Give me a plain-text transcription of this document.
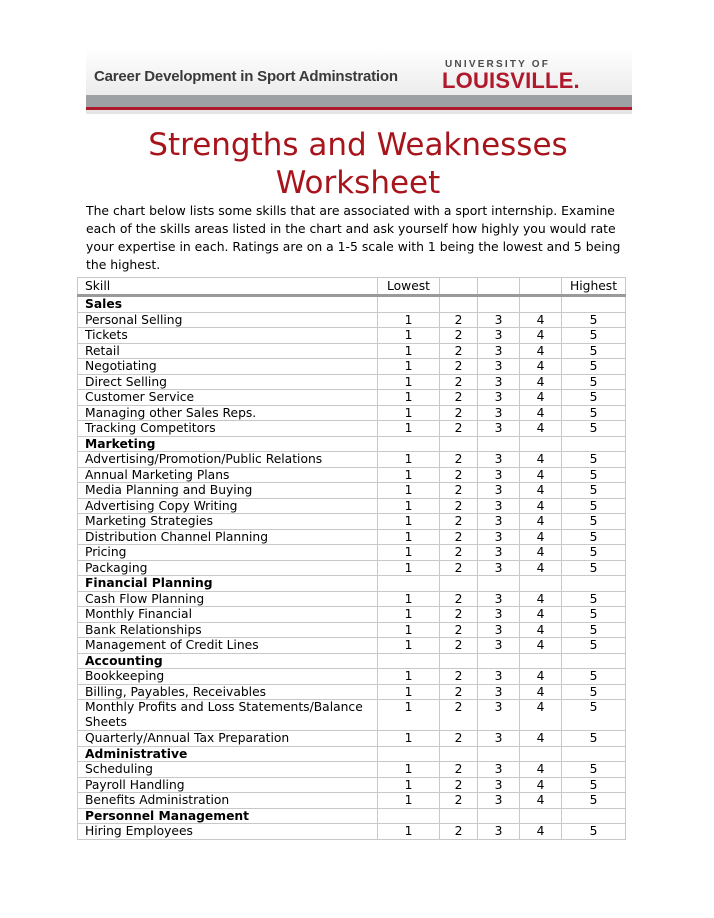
Career Development in Sport Adminstration
UNIVERSITY OF
LOUISVILLE.
Strengths and Weaknesses Worksheet

The chart below lists some skills that are associated with a sport internship. Examine each of the skills areas listed in the chart and ask yourself how highly you would rate your expertise in each. Ratings are on a 1-5 scale with 1 being the lowest and 5 being the highest.

Skill	Lowest				Highest
Sales					
Personal Selling	1	2	3	4	5
Tickets	1	2	3	4	5
Retail	1	2	3	4	5
Negotiating	1	2	3	4	5
Direct Selling	1	2	3	4	5
Customer Service	1	2	3	4	5
Managing other Sales Reps.	1	2	3	4	5
Tracking Competitors	1	2	3	4	5
Marketing					
Advertising/Promotion/Public Relations	1	2	3	4	5
Annual Marketing Plans	1	2	3	4	5
Media Planning and Buying	1	2	3	4	5
Advertising Copy Writing	1	2	3	4	5
Marketing Strategies	1	2	3	4	5
Distribution Channel Planning	1	2	3	4	5
Pricing	1	2	3	4	5
Packaging	1	2	3	4	5
Financial Planning					
Cash Flow Planning	1	2	3	4	5
Monthly Financial	1	2	3	4	5
Bank Relationships	1	2	3	4	5
Management of Credit Lines	1	2	3	4	5
Accounting					
Bookkeeping	1	2	3	4	5
Billing, Payables, Receivables	1	2	3	4	5
Monthly Profits and Loss Statements/Balance Sheets	1	2	3	4	5
Quarterly/Annual Tax Preparation	1	2	3	4	5
Administrative					
Scheduling	1	2	3	4	5
Payroll Handling	1	2	3	4	5
Benefits Administration	1	2	3	4	5
Personnel Management					
Hiring Employees	1	2	3	4	5
